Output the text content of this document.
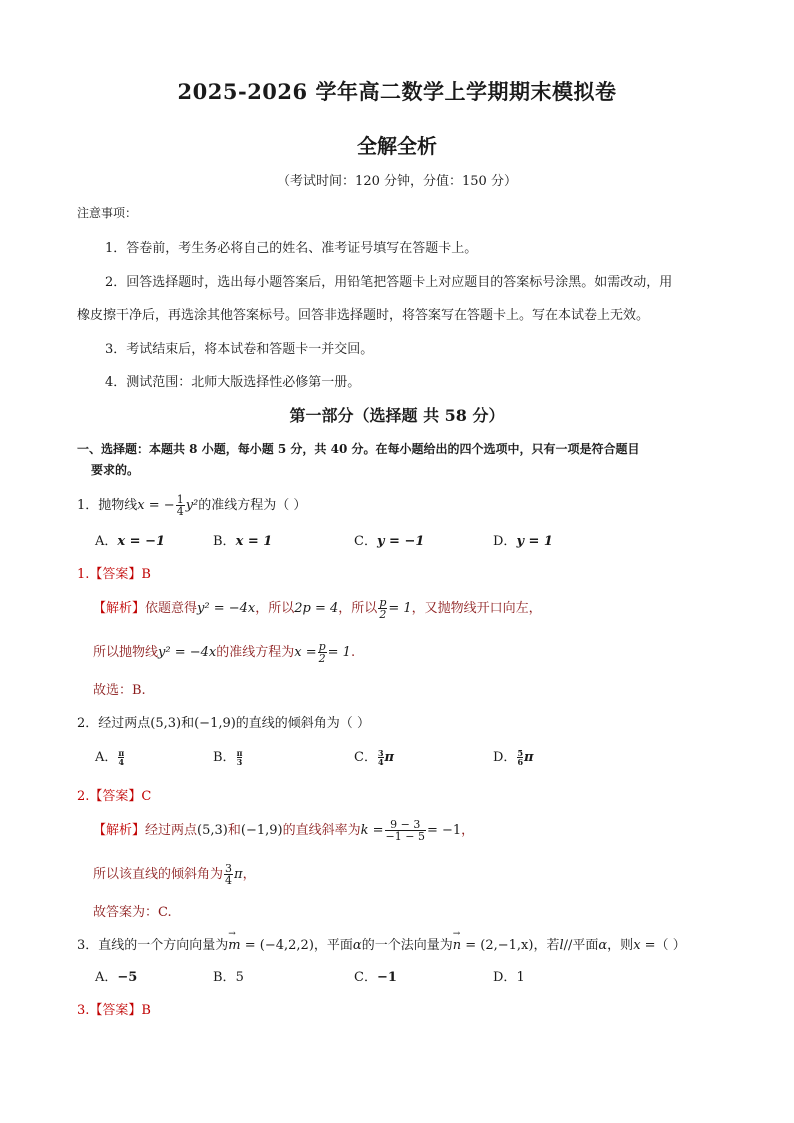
2025-2026 学年高二数学上学期期末模拟卷
全解全析
（考试时间：120 分钟，分值：150 分）
注意事项：
1．答卷前，考生务必将自己的姓名、准考证号填写在答题卡上。
2．回答选择题时，选出每小题答案后，用铅笔把答题卡上对应题目的答案标号涂黑。如需改动，用
橡皮擦干净后，再选涂其他答案标号。回答非选择题时，将答案写在答题卡上。写在本试卷上无效。
3．考试结束后，将本试卷和答题卡一并交回。
4．测试范围：北师大版选择性必修第一册。
第一部分（选择题 共 58 分）
一、选择题：本题共 8 小题，每小题 5 分，共 40 分。在每小题给出的四个选项中，只有一项是符合题目
要求的。
1．抛物线x = − $\frac{1}{4} y^2$的准线方程为（ ）
A．x = −1	B．x = 1	C．y = −1	D．y = 1
1.【答案】B
【解析】依题意得y² = −4x，所以2p = 4，所以 $\frac{p}{2} = 1$，又抛物线开口向左，
所以抛物线y² = −4x的准线方程为$x = \frac{p}{2} = 1$.
故选：B.
2．经过两点(5,3)和(−1,9)的直线的倾斜角为（ ）
A． $\frac{\pi}{4}$	B． $\frac{\pi}{3}$	C． $\frac{3}{4}$ π	D． $\frac{5}{6}$ π
2.【答案】C
【解析】经过两点(5,3)和(−1,9)的直线斜率为$k = \frac{9 - 3}{-1 - 5} = -1$，
所以该直线的倾斜角为 $\frac{3}{4}$ π，
故答案为：C.
3．直线的一个方向向量为→ m = (−4,2,2)，平面α的一个法向量为→ n = (2,−1,x)，若l//平面α，则x =（ ）
A．−5	B．5	C．−1	D．1
3.【答案】B
